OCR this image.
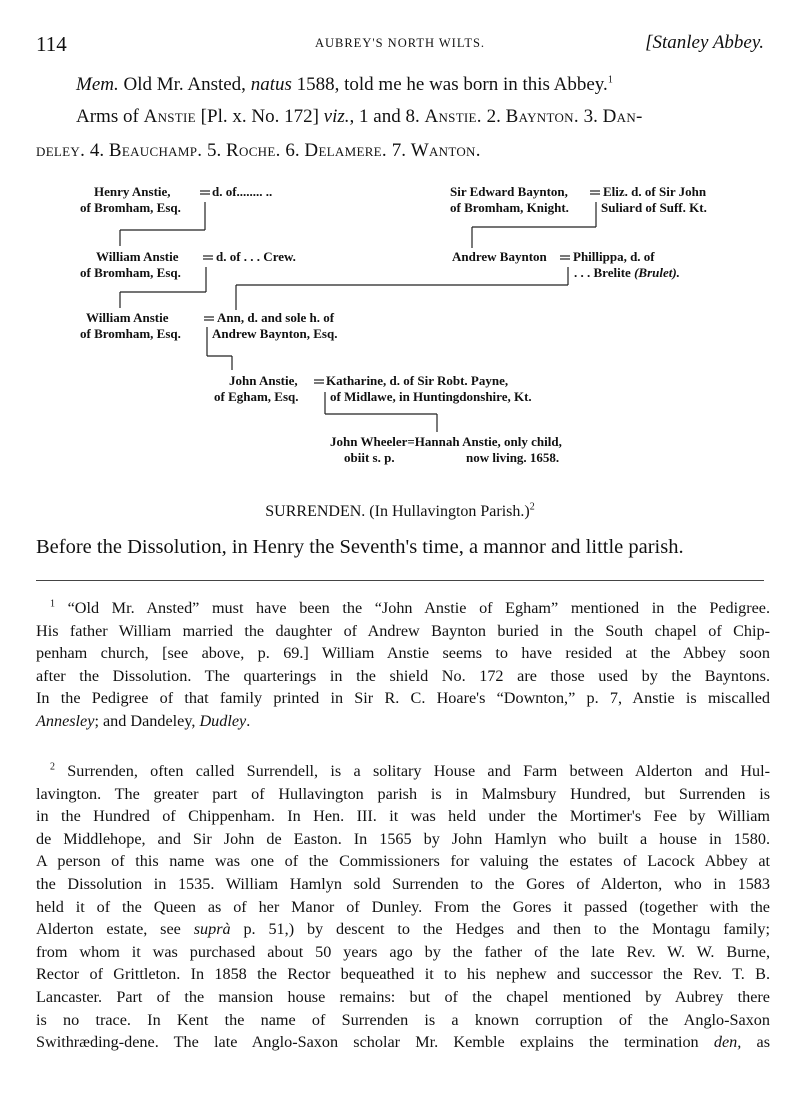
114	AUBREY'S NORTH WILTS.	[Stanley Abbey.
Mem. Old Mr. Ansted, natus 1588, told me he was born in this Abbey.$^1$
Arms of Anstie [Pl. x. No. 172] viz., 1 and 8. Anstie. 2. Baynton. 3. Dan-
deley. 4. Beauchamp. 5. Roche. 6. Delamere. 7. Wanton.
Henry Anstie,
of Bromham, Esq.
d. of........ ..	Sir Edward Baynton,
of Bromham, Knight.
Eliz. d. of Sir John
Suliard of Suff. Kt.
William Anstie
of Bromham, Esq.
d. of . . . Crew.	Andrew Baynton Phillippa, d. of
. . . Brelite (Brulet).
William Anstie
of Bromham, Esq.
Ann, d. and sole h. of
Andrew Baynton, Esq.
John Anstie,
of Egham, Esq.
Katharine, d. of Sir Robt. Payne,
of Midlawe, in Huntingdonshire, Kt.
John Wheeler=Hannah Anstie, only child,
obiit s. p.	now living. 1658.
SURRENDEN. (In Hullavington Parish.)$^2$
Before the Dissolution, in Henry the Seventh's time, a mannor and little parish.

$^1$ “Old Mr. Ansted” must have been the “John Anstie of Egham” mentioned in the Pedigree.

His father William married the daughter of Andrew Baynton buried in the South chapel of Chip-

penham church, [see above, p. 69.] William Anstie seems to have resided at the Abbey soon

after the Dissolution. The quarterings in the shield No. 172 are those used by the Bayntons.

In the Pedigree of that family printed in Sir R. C. Hoare's “Downton,” p. 7, Anstie is miscalled

Annesley; and Dandeley, Dudley.

$^2$ Surrenden, often called Surrendell, is a solitary House and Farm between Alderton and Hul-

lavington. The greater part of Hullavington parish is in Malmsbury Hundred, but Surrenden is

in the Hundred of Chippenham. In Hen. III. it was held under the Mortimer's Fee by William

de Middlehope, and Sir John de Easton. In 1565 by John Hamlyn who built a house in 1580.

A person of this name was one of the Commissioners for valuing the estates of Lacock Abbey at

the Dissolution in 1535. William Hamlyn sold Surrenden to the Gores of Alderton, who in 1583

held it of the Queen as of her Manor of Dunley. From the Gores it passed (together with the

Alderton estate, see suprà p. 51,) by descent to the Hedges and then to the Montagu family;

from whom it was purchased about 50 years ago by the father of the late Rev. W. W. Burne,

Rector of Grittleton. In 1858 the Rector bequeathed it to his nephew and successor the Rev. T. B.

Lancaster. Part of the mansion house remains: but of the chapel mentioned by Aubrey there

is no trace. In Kent the name of Surrenden is a known corruption of the Anglo-Saxon

Swithræding-dene. The late Anglo-Saxon scholar Mr. Kemble explains the termination den, as
